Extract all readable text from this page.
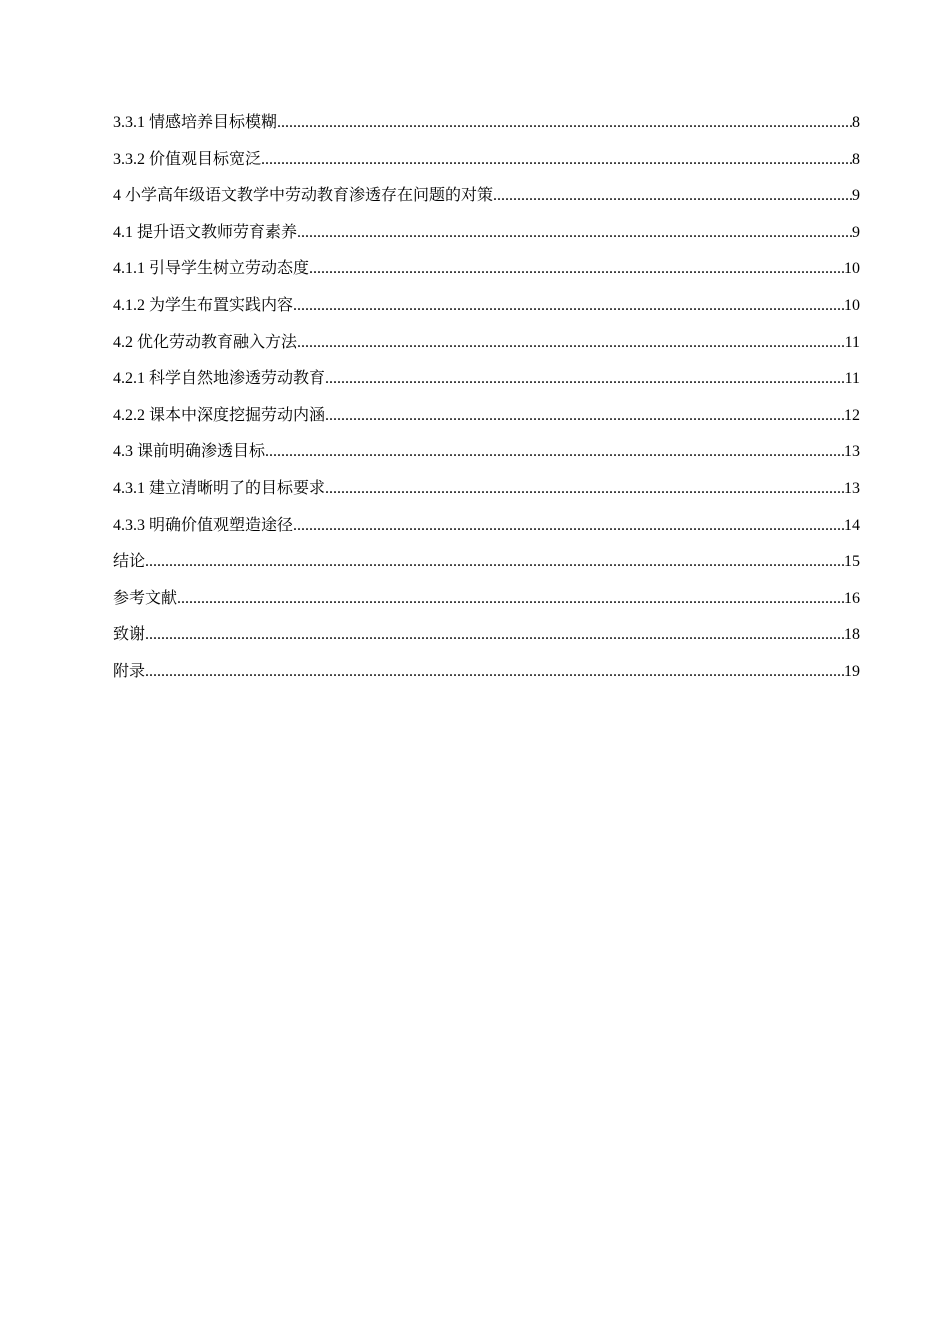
3.3.1 情感培养目标模糊 .....	8
3.3.2 价值观目标宽泛 .....	8
4 小学高年级语文教学中劳动教育渗透存在问题的对策 .....	9
4.1 提升语文教师劳育素养 .....	9
4.1.1 引导学生树立劳动态度 .....	10
4.1.2 为学生布置实践内容 .....	10
4.2 优化劳动教育融入方法 .....	11
4.2.1 科学自然地渗透劳动教育 .....	11
4.2.2 课本中深度挖掘劳动内涵 .....	12
4.3 课前明确渗透目标 .....	13
4.3.1 建立清晰明了的目标要求 .....	13
4.3.3 明确价值观塑造途径 .....	14
结论 .....	15
参考文献 .....	16
致谢 .....	18
附录 .....	19
